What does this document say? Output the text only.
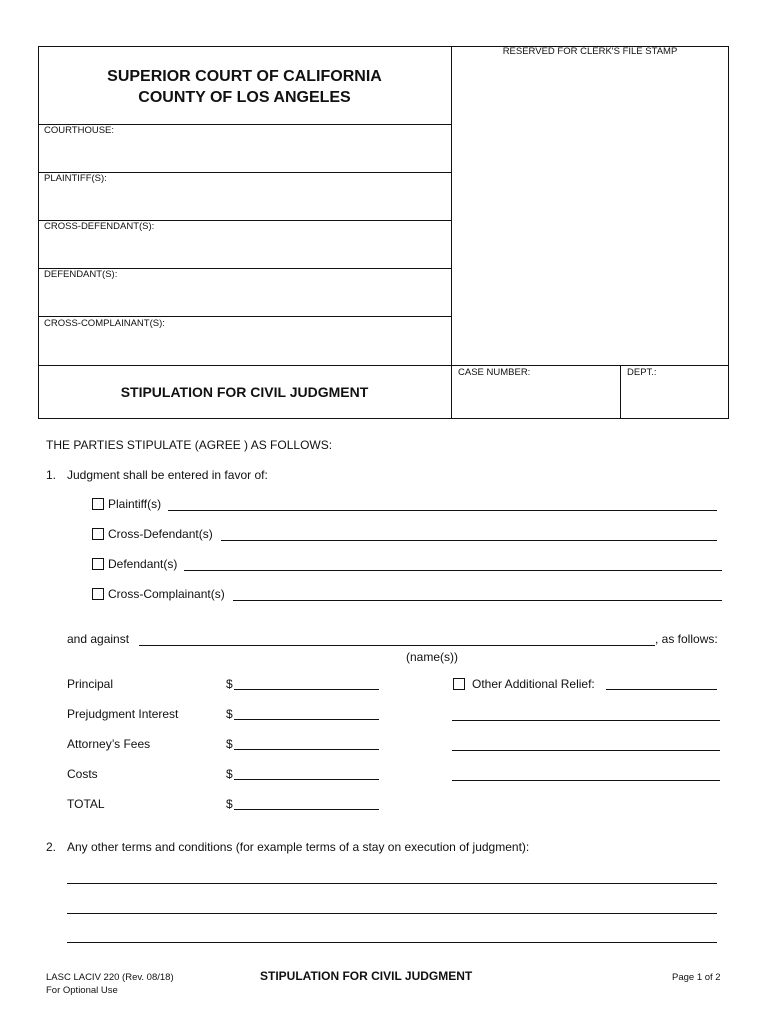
SUPERIOR COURT OF CALIFORNIA
COUNTY OF LOS ANGELES
RESERVED FOR CLERK'S FILE STAMP
COURTHOUSE:
PLAINTIFF(S):
CROSS-DEFENDANT(S):
DEFENDANT(S):
CROSS-COMPLAINANT(S):
STIPULATION FOR CIVIL JUDGMENT
CASE NUMBER:	DEPT.:
THE PARTIES STIPULATE (AGREE ) AS FOLLOWS:
1. Judgment shall be entered in favor of:
Plaintiff(s)
Cross-Defendant(s)
Defendant(s)
Cross-Complainant(s)
and against	, as follows:
(name(s))
Principal	$
Prejudgment Interest	$
Attorney’s Fees	$
Costs	$
TOTAL	$
Other Additional Relief:
2. Any other terms and conditions (for example terms of a stay on execution of judgment):
LASC LACIV 220 (Rev. 08/18)
For Optional Use
STIPULATION FOR CIVIL JUDGMENT	Page 1 of 2
